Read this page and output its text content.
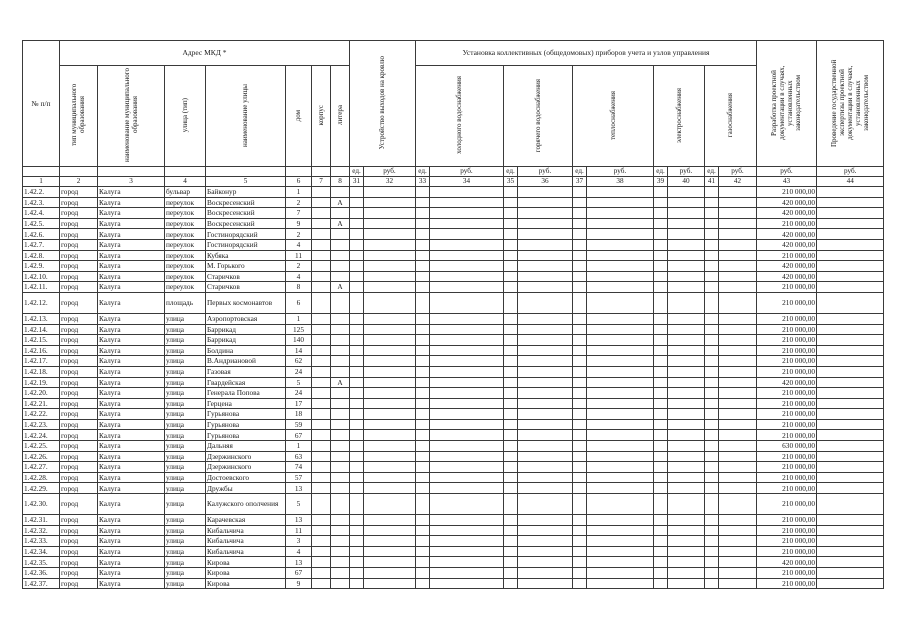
№ п/п	Адрес МКД *							Устройство выходов на кровлю		Установка коллективных (общедомовых) приборов учета и узлов управления										Разработка проектной документации в случаях, установленных законодательством	Проведение государственной экспертизы проектной документации в случаях, установленных законодательством
	тип муниципального образования	наименование муниципального образования	улица (тип)	наименование улицы	дом	корпус	литера			холодного водоснабжения		горячего водоснабжения		теплоснабжения		электроснабжения		газоснабжения			
								ед.	руб.	ед.	руб.	ед.	руб.	ед.	руб.	ед.	руб.	ед.	руб.	руб.	руб.
1	2	3	4	5	6	7	8	31	32	33	34	35	36	37	38	39	40	41	42	43	44
1.42.2.	город	Калуга	бульвар	Байконур	1															210 000,00	
1.42.3.	город	Калуга	переулок	Воскресенский	2		А													420 000,00	
1.42.4.	город	Калуга	переулок	Воскресенский	7															420 000,00	
1.42.5.	город	Калуга	переулок	Воскресенский	9		А													210 000,00	
1.42.6.	город	Калуга	переулок	Гостинорядский	2															420 000,00	
1.42.7.	город	Калуга	переулок	Гостинорядский	4															420 000,00	
1.42.8.	город	Калуга	переулок	Кубяка	11															210 000,00	
1.42.9.	город	Калуга	переулок	М. Горького	2															420 000,00	
1.42.10.	город	Калуга	переулок	Старичков	4															420 000,00	
1.42.11.	город	Калуга	переулок	Старичков	8		А													210 000,00	
1.42.12.	город	Калуга	площадь	Первых космонавтов	6															210 000,00	
1.42.13.	город	Калуга	улица	Аэропортовская	1															210 000,00	
1.42.14.	город	Калуга	улица	Баррикад	125															210 000,00	
1.42.15.	город	Калуга	улица	Баррикад	140															210 000,00	
1.42.16.	город	Калуга	улица	Болдина	14															210 000,00	
1.42.17.	город	Калуга	улица	В.Андриановой	62															210 000,00	
1.42.18.	город	Калуга	улица	Газовая	24															210 000,00	
1.42.19.	город	Калуга	улица	Гвардейская	5		А													420 000,00	
1.42.20.	город	Калуга	улица	Генерала Попова	24															210 000,00	
1.42.21.	город	Калуга	улица	Герцена	17															210 000,00	
1.42.22.	город	Калуга	улица	Гурьянова	18															210 000,00	
1.42.23.	город	Калуга	улица	Гурьянова	59															210 000,00	
1.42.24.	город	Калуга	улица	Гурьянова	67															210 000,00	
1.42.25.	город	Калуга	улица	Дальняя	1															630 000,00	
1.42.26.	город	Калуга	улица	Дзержинского	63															210 000,00	
1.42.27.	город	Калуга	улица	Дзержинского	74															210 000,00	
1.42.28.	город	Калуга	улица	Достоевского	57															210 000,00	
1.42.29.	город	Калуга	улица	Дружбы	13															210 000,00	
1.42.30.	город	Калуга	улица	Калужского ополчения	5															210 000,00	
1.42.31.	город	Калуга	улица	Карачевская	13															210 000,00	
1.42.32.	город	Калуга	улица	Кибальчича	11															210 000,00	
1.42.33.	город	Калуга	улица	Кибальчича	3															210 000,00	
1.42.34.	город	Калуга	улица	Кибальчича	4															210 000,00	
1.42.35.	город	Калуга	улица	Кирова	13															420 000,00	
1.42.36.	город	Калуга	улица	Кирова	67															210 000,00	
1.42.37.	город	Калуга	улица	Кирова	9															210 000,00	
